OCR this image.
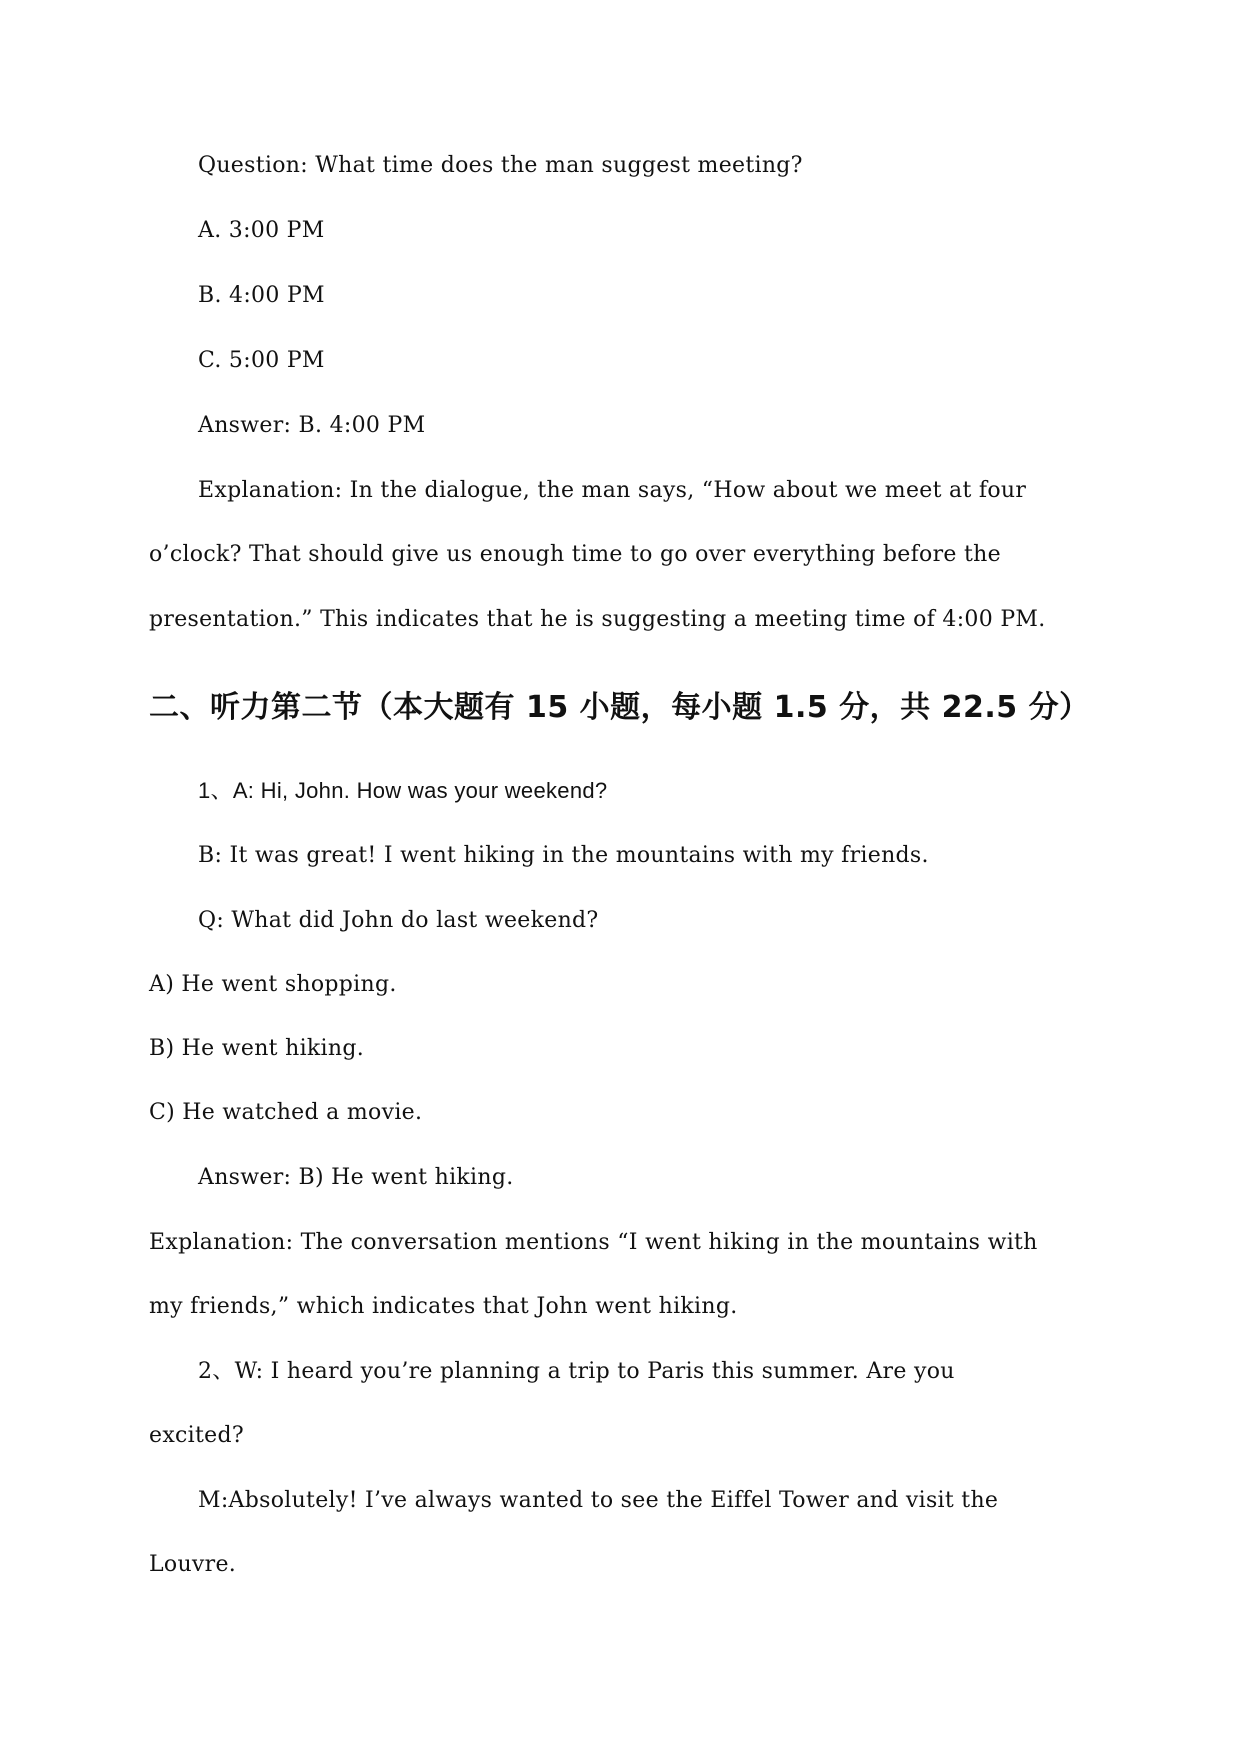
Question: What time does the man suggest meeting?
A. 3:00 PM
B. 4:00 PM
C. 5:00 PM
Answer: B. 4:00 PM
Explanation: In the dialogue, the man says, “How about we meet at four
o’clock? That should give us enough time to go over everything before the
presentation.” This indicates that he is suggesting a meeting time of 4:00 PM.
二、听力第二节（本大题有 15 小题，每小题 1.5 分，共 22.5 分）
1、A: Hi, John. How was your weekend?
B: It was great! I went hiking in the mountains with my friends.
Q: What did John do last weekend?
A) He went shopping.
B) He went hiking.
C) He watched a movie.
Answer: B) He went hiking.
Explanation: The conversation mentions “I went hiking in the mountains with
my friends,” which indicates that John went hiking.
2、W: I heard you’re planning a trip to Paris this summer. Are you
excited?
M:Absolutely! I’ve always wanted to see the Eiffel Tower and visit the
Louvre.
